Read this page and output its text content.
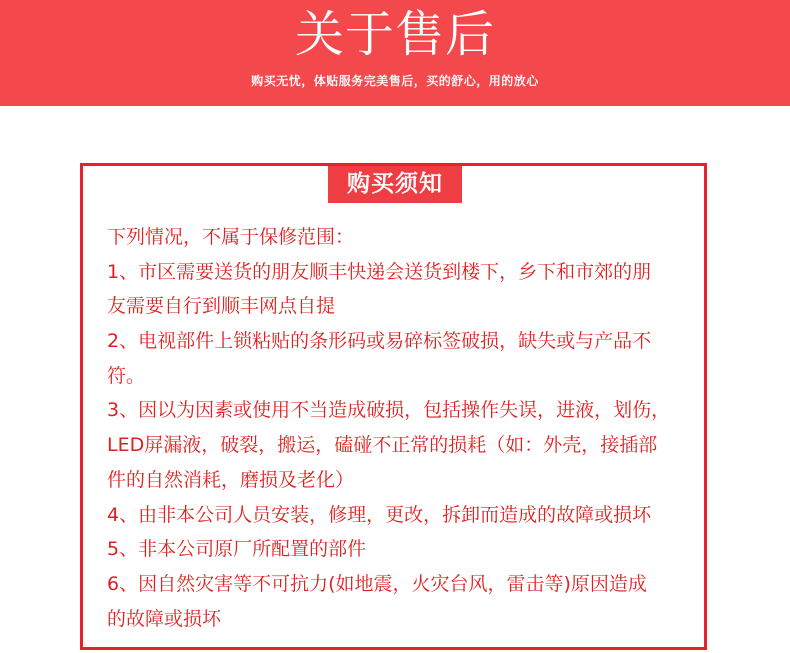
关于售后
购买无忧，体贴服务完美售后，买的舒心，用的放心
购买须知
下列情况，不属于保修范围：
1、市区需要送货的朋友顺丰快递会送货到楼下，乡下和市郊的朋
友需要自行到顺丰网点自提
2、电视部件上锁粘贴的条形码或易碎标签破损，缺失或与产品不
符。
3、因以为因素或使用不当造成破损，包括操作失误，进液，划伤，
LED屏漏液，破裂，搬运，磕碰不正常的损耗（如：外壳，接插部
件的自然消耗，磨损及老化）
4、由非本公司人员安装，修理，更改，拆卸而造成的故障或损坏
5、非本公司原厂所配置的部件
6、因自然灾害等不可抗力(如地震，火灾台风，雷击等)原因造成
的故障或损坏
